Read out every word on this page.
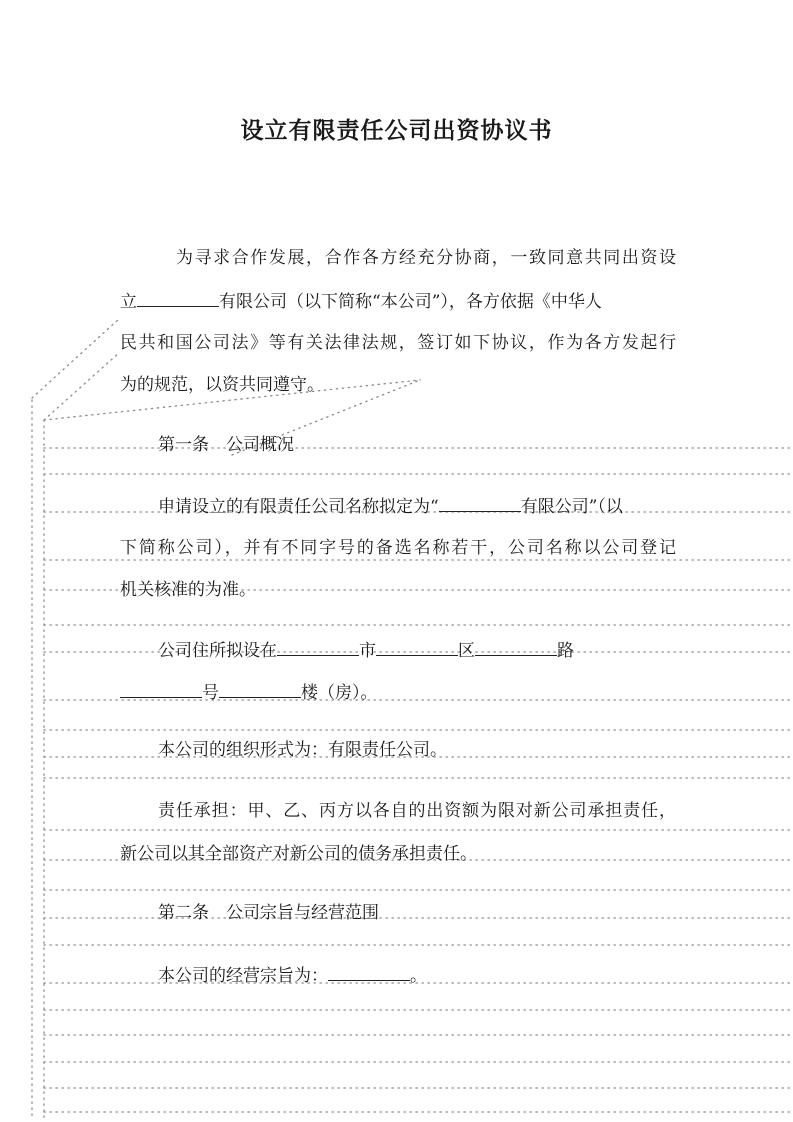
设立有限责任公司出资协议书
为寻求合作发展，合作各方经充分协商，一致同意共同出资设
立	有限公司（以下简称“本公司”），各方依据《中华人
民共和国公司法》等有关法律法规，签订如下协议，作为各方发起行
为的规范，以资共同遵守。
第一条　公司概况
申请设立的有限责任公司名称拟定为“	有限公司”（以
下简称公司），并有不同字号的备选名称若干，公司名称以公司登记
机关核准的为准。
公司住所拟设在	市	区	路
号	楼（房）。
本公司的组织形式为：有限责任公司。
责任承担：甲、乙、丙方以各自的出资额为限对新公司承担责任，
新公司以其全部资产对新公司的债务承担责任。
第二条　公司宗旨与经营范围
本公司的经营宗旨为：	。
